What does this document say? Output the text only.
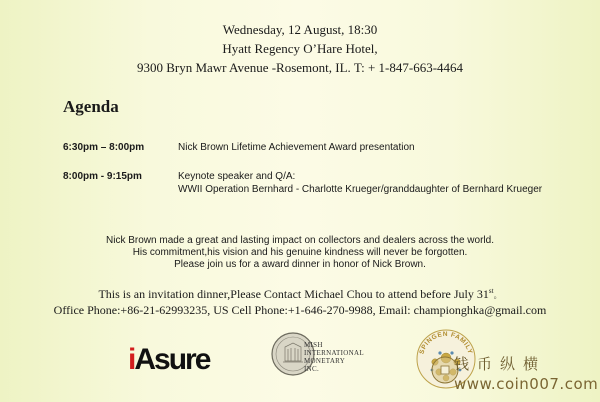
Wednesday, 12 August, 18:30
Hyatt Regency O’Hare Hotel,
9300 Bryn Mawr Avenue -Rosemont, IL. T: + 1-847-663-4464
Agenda
6:30pm – 8:00pm	Nick Brown Lifetime Achievement Award presentation
8:00pm - 9:15pm	Keynote speaker and Q/A:
WWII Operation Bernhard - Charlotte Krueger/granddaughter of Bernhard Krueger
Nick Brown made a great and lasting impact on collectors and dealers across the world.
His commitment,his vision and his genuine kindness will never be forgotten.
Please join us for a award dinner in honor of Nick Brown.
This is an invitation dinner,Please Contact Michael Chou to attend before July 31st。
Office Phone:+86-21-62993235, US Cell Phone:+1-646-270-9988, Email: championghka@gmail.com
iAsure	MISH
INTERNATIONAL
MONETARY
INC.
SPINGEN FAMILY
钱币纵横
www.coin007.com
